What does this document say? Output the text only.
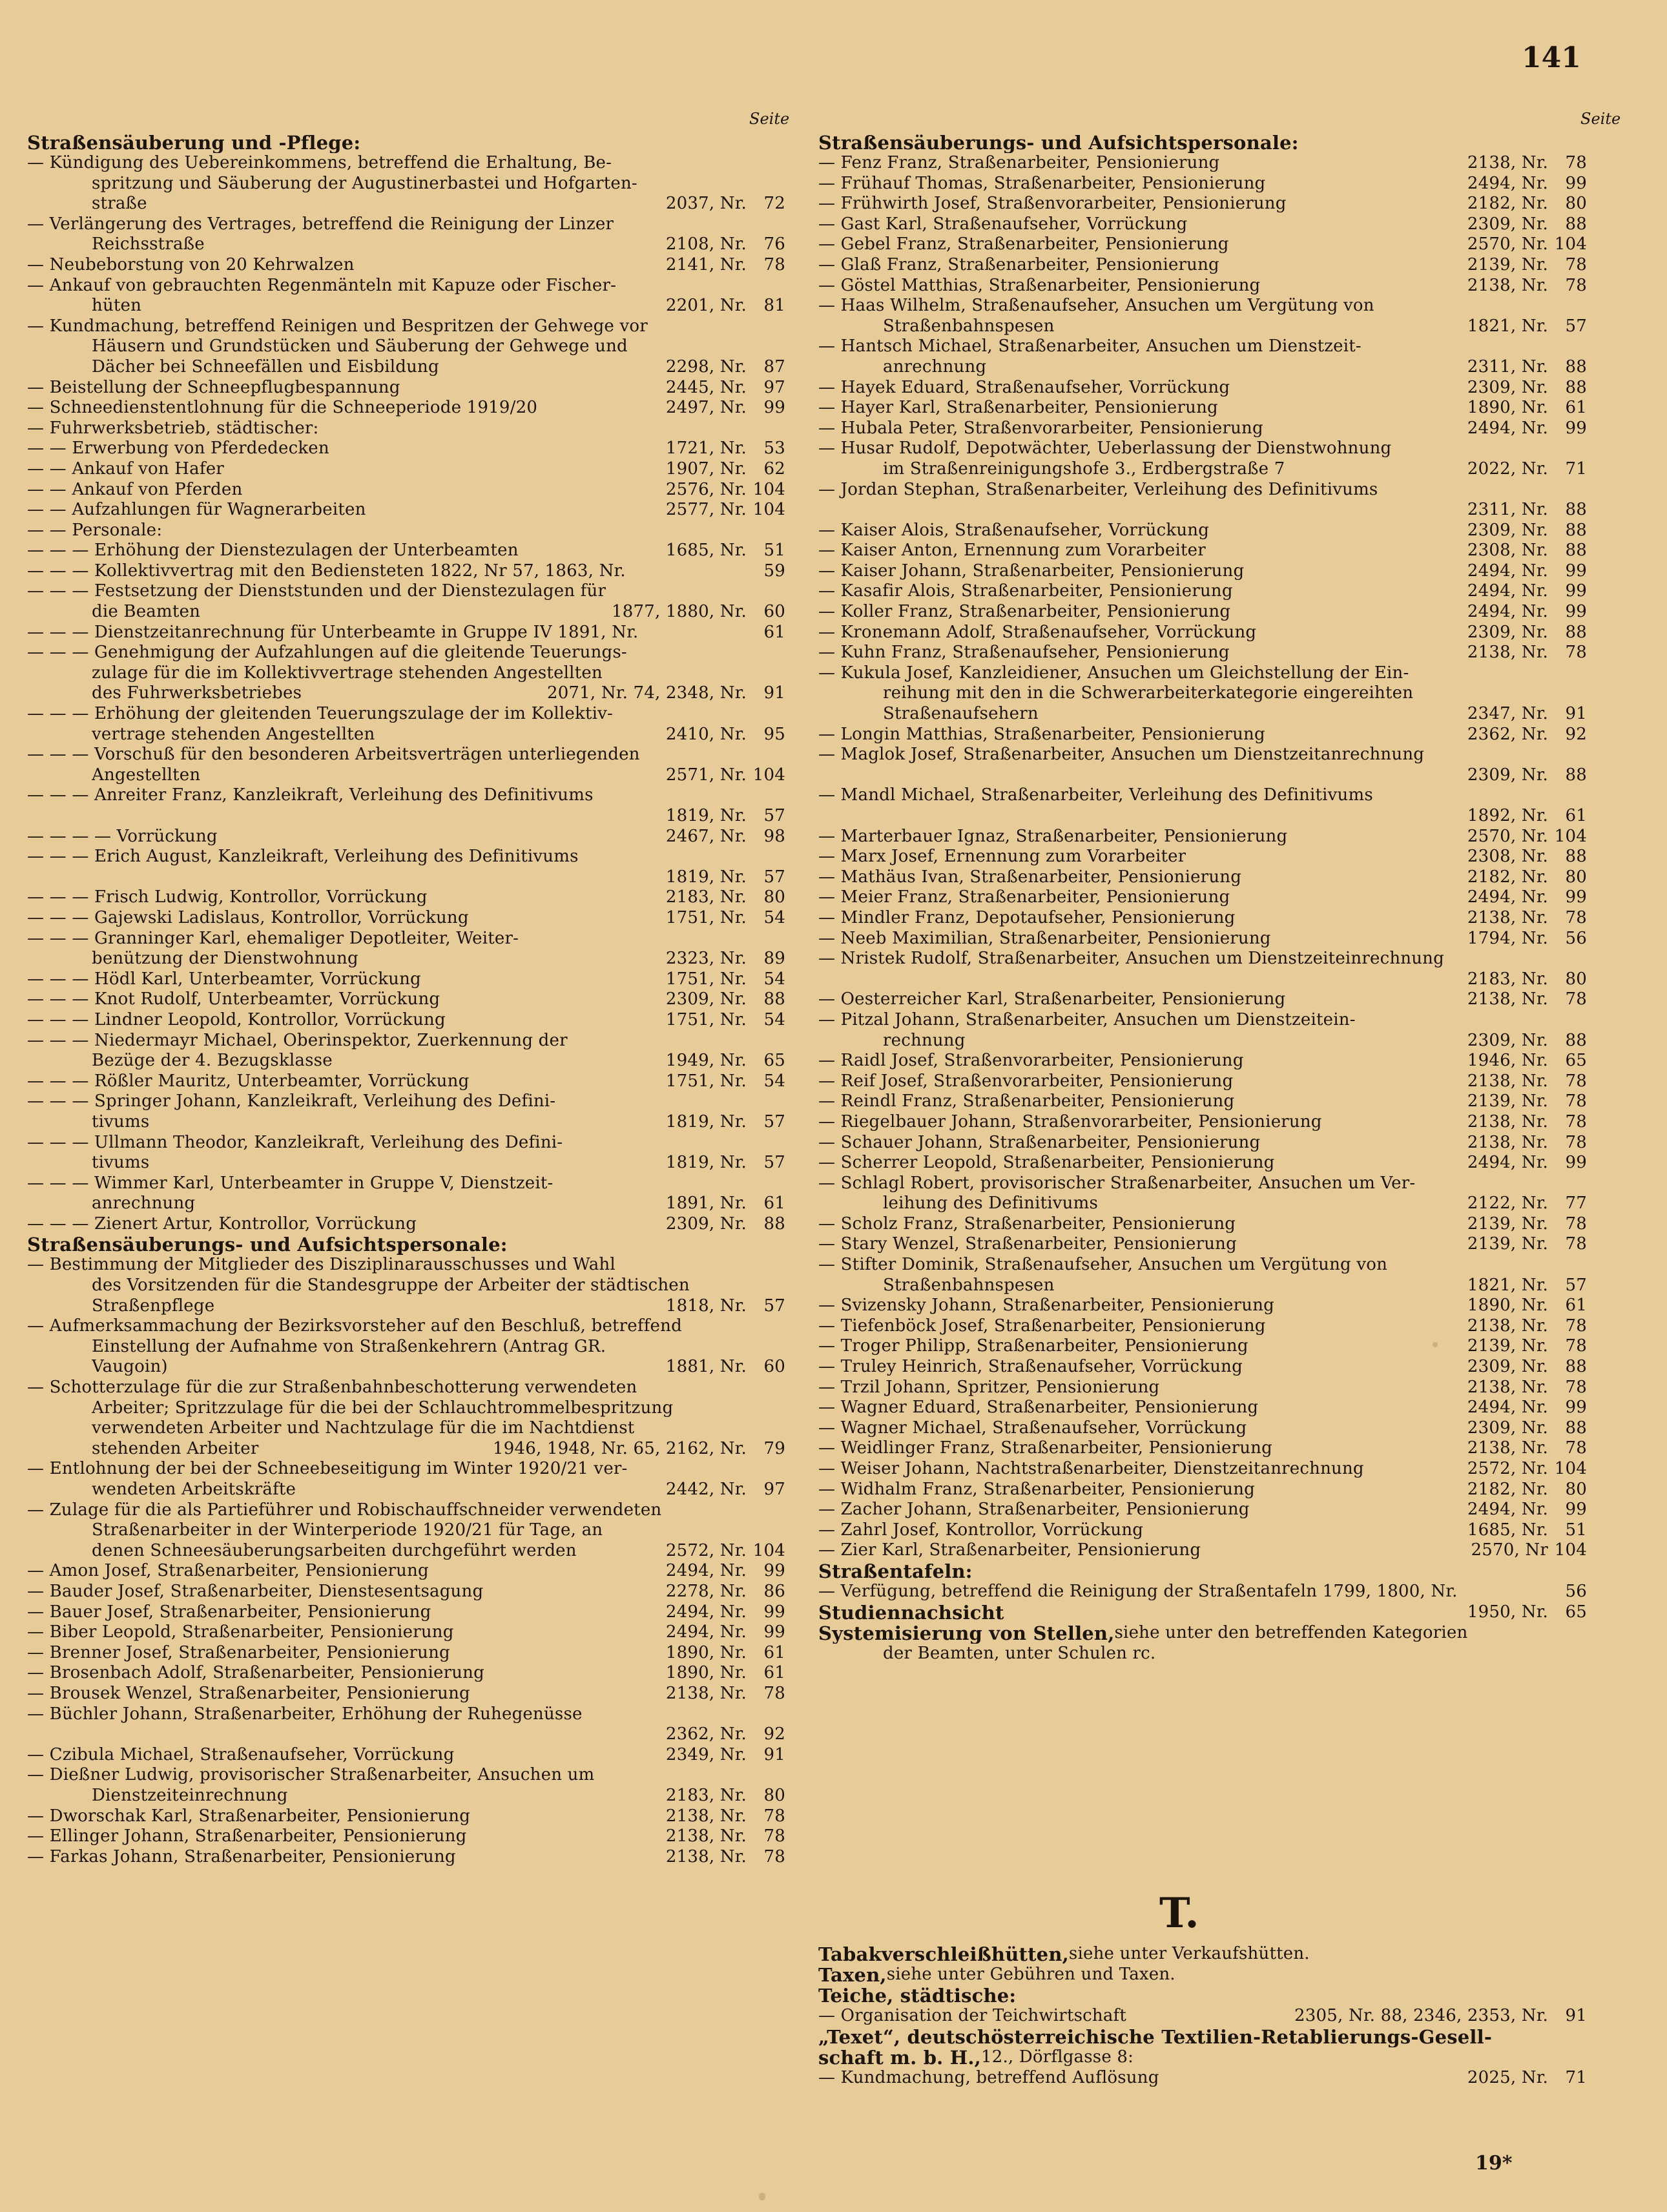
141
Seite	Seite
Straßensäuberung und -Pflege:
— Kündigung des Uebereinkommens, betreffend die Erhaltung, Be-
spritzung und Säuberung der Augustinerbastei und Hofgarten-
straße	2037, Nr.	72
— Verlängerung des Vertrages, betreffend die Reinigung der Linzer
Reichsstraße	2108, Nr.	76
— Neubeborstung von 20 Kehrwalzen	2141, Nr.	78
— Ankauf von gebrauchten Regenmänteln mit Kapuze oder Fischer-
hüten	2201, Nr.	81
— Kundmachung, betreffend Reinigen und Bespritzen der Gehwege vor
Häusern und Grundstücken und Säuberung der Gehwege und
Dächer bei Schneefällen und Eisbildung	2298, Nr.	87
— Beistellung der Schneepflugbespannung	2445, Nr.	97
— Schneedienstentlohnung für die Schneeperiode 1919/20	2497, Nr.	99
— Fuhrwerksbetrieb, städtischer:
— — Erwerbung von Pferdedecken	1721, Nr.	53
— — Ankauf von Hafer	1907, Nr.	62
— — Ankauf von Pferden	2576, Nr. 104
— — Aufzahlungen für Wagnerarbeiten	2577, Nr. 104
— — Personale:
— — — Erhöhung der Dienstezulagen der Unterbeamten	1685, Nr.	51
— — — Kollektivvertrag mit den Bediensteten 1822, Nr 57, 1863, Nr.	59
— — — Festsetzung der Dienststunden und der Dienstezulagen für
die Beamten	1877, 1880, Nr.	60
— — — Dienstzeitanrechnung für Unterbeamte in Gruppe IV 1891, Nr.	61
— — — Genehmigung der Aufzahlungen auf die gleitende Teuerungs-
zulage für die im Kollektivvertrage stehenden Angestellten
des Fuhrwerksbetriebes	2071, Nr. 74, 2348, Nr.	91
— — — Erhöhung der gleitenden Teuerungszulage der im Kollektiv-
vertrage stehenden Angestellten	2410, Nr.	95
— — — Vorschuß für den besonderen Arbeitsverträgen unterliegenden
Angestellten	2571, Nr. 104
— — — Anreiter Franz, Kanzleikraft, Verleihung des Definitivums
1819, Nr.	57
— — — — Vorrückung	2467, Nr.	98
— — — Erich August, Kanzleikraft, Verleihung des Definitivums
1819, Nr.	57
— — — Frisch Ludwig, Kontrollor, Vorrückung	2183, Nr.	80
— — — Gajewski Ladislaus, Kontrollor, Vorrückung	1751, Nr.	54
— — — Granninger Karl, ehemaliger Depotleiter, Weiter-
benützung der Dienstwohnung	2323, Nr.	89
— — — Hödl Karl, Unterbeamter, Vorrückung	1751, Nr.	54
— — — Knot Rudolf, Unterbeamter, Vorrückung	2309, Nr.	88
— — — Lindner Leopold, Kontrollor, Vorrückung	1751, Nr.	54
— — — Niedermayr Michael, Oberinspektor, Zuerkennung der
Bezüge der 4. Bezugsklasse	1949, Nr.	65
— — — Rößler Mauritz, Unterbeamter, Vorrückung	1751, Nr.	54
— — — Springer Johann, Kanzleikraft, Verleihung des Defini-
tivums	1819, Nr.	57
— — — Ullmann Theodor, Kanzleikraft, Verleihung des Defini-
tivums	1819, Nr.	57
— — — Wimmer Karl, Unterbeamter in Gruppe V, Dienstzeit-
anrechnung	1891, Nr.	61
— — — Zienert Artur, Kontrollor, Vorrückung	2309, Nr.	88
Straßensäuberungs- und Aufsichtspersonale:
— Bestimmung der Mitglieder des Disziplinarausschusses und Wahl
des Vorsitzenden für die Standesgruppe der Arbeiter der städtischen
Straßenpflege	1818, Nr.	57
— Aufmerksammachung der Bezirksvorsteher auf den Beschluß, betreffend
Einstellung der Aufnahme von Straßenkehrern (Antrag GR.
Vaugoin)	1881, Nr.	60
— Schotterzulage für die zur Straßenbahnbeschotterung verwendeten
Arbeiter; Spritzzulage für die bei der Schlauchtrommelbespritzung
verwendeten Arbeiter und Nachtzulage für die im Nachtdienst
stehenden Arbeiter	1946, 1948, Nr. 65, 2162, Nr.	79
— Entlohnung der bei der Schneebeseitigung im Winter 1920/21 ver-
wendeten Arbeitskräfte	2442, Nr.	97
— Zulage für die als Partieführer und Robischauffschneider verwendeten
Straßenarbeiter in der Winterperiode 1920/21 für Tage, an
denen Schneesäuberungsarbeiten durchgeführt werden	2572, Nr. 104
— Amon Josef, Straßenarbeiter, Pensionierung	2494, Nr.	99
— Bauder Josef, Straßenarbeiter, Dienstesentsagung	2278, Nr.	86
— Bauer Josef, Straßenarbeiter, Pensionierung	2494, Nr.	99
— Biber Leopold, Straßenarbeiter, Pensionierung	2494, Nr.	99
— Brenner Josef, Straßenarbeiter, Pensionierung	1890, Nr.	61
— Brosenbach Adolf, Straßenarbeiter, Pensionierung	1890, Nr.	61
— Brousek Wenzel, Straßenarbeiter, Pensionierung	2138, Nr.	78
— Büchler Johann, Straßenarbeiter, Erhöhung der Ruhegenüsse
2362, Nr.	92
— Czibula Michael, Straßenaufseher, Vorrückung	2349, Nr.	91
— Dießner Ludwig, provisorischer Straßenarbeiter, Ansuchen um
Dienstzeiteinrechnung	2183, Nr.	80
— Dworschak Karl, Straßenarbeiter, Pensionierung	2138, Nr.	78
— Ellinger Johann, Straßenarbeiter, Pensionierung	2138, Nr.	78
— Farkas Johann, Straßenarbeiter, Pensionierung	2138, Nr.	78
Straßensäuberungs- und Aufsichtspersonale:
— Fenz Franz, Straßenarbeiter, Pensionierung	2138, Nr.	78
— Frühauf Thomas, Straßenarbeiter, Pensionierung	2494, Nr.	99
— Frühwirth Josef, Straßenvorarbeiter, Pensionierung	2182, Nr.	80
— Gast Karl, Straßenaufseher, Vorrückung	2309, Nr.	88
— Gebel Franz, Straßenarbeiter, Pensionierung	2570, Nr. 104
— Glaß Franz, Straßenarbeiter, Pensionierung	2139, Nr.	78
— Göstel Matthias, Straßenarbeiter, Pensionierung	2138, Nr.	78
— Haas Wilhelm, Straßenaufseher, Ansuchen um Vergütung von
Straßenbahnspesen	1821, Nr.	57
— Hantsch Michael, Straßenarbeiter, Ansuchen um Dienstzeit-
anrechnung	2311, Nr.	88
— Hayek Eduard, Straßenaufseher, Vorrückung	2309, Nr.	88
— Hayer Karl, Straßenarbeiter, Pensionierung	1890, Nr.	61
— Hubala Peter, Straßenvorarbeiter, Pensionierung	2494, Nr.	99
— Husar Rudolf, Depotwächter, Ueberlassung der Dienstwohnung
im Straßenreinigungshofe 3., Erdbergstraße 7	2022, Nr.	71
— Jordan Stephan, Straßenarbeiter, Verleihung des Definitivums
2311, Nr.	88
— Kaiser Alois, Straßenaufseher, Vorrückung	2309, Nr.	88
— Kaiser Anton, Ernennung zum Vorarbeiter	2308, Nr.	88
— Kaiser Johann, Straßenarbeiter, Pensionierung	2494, Nr.	99
— Kasafir Alois, Straßenarbeiter, Pensionierung	2494, Nr.	99
— Koller Franz, Straßenarbeiter, Pensionierung	2494, Nr.	99
— Kronemann Adolf, Straßenaufseher, Vorrückung	2309, Nr.	88
— Kuhn Franz, Straßenaufseher, Pensionierung	2138, Nr.	78
— Kukula Josef, Kanzleidiener, Ansuchen um Gleichstellung der Ein-
reihung mit den in die Schwerarbeiterkategorie eingereihten
Straßenaufsehern	2347, Nr.	91
— Longin Matthias, Straßenarbeiter, Pensionierung	2362, Nr.	92
— Maglok Josef, Straßenarbeiter, Ansuchen um Dienstzeitanrechnung
2309, Nr.	88
— Mandl Michael, Straßenarbeiter, Verleihung des Definitivums
1892, Nr.	61
— Marterbauer Ignaz, Straßenarbeiter, Pensionierung	2570, Nr. 104
— Marx Josef, Ernennung zum Vorarbeiter	2308, Nr.	88
— Mathäus Ivan, Straßenarbeiter, Pensionierung	2182, Nr.	80
— Meier Franz, Straßenarbeiter, Pensionierung	2494, Nr.	99
— Mindler Franz, Depotaufseher, Pensionierung	2138, Nr.	78
— Neeb Maximilian, Straßenarbeiter, Pensionierung	1794, Nr.	56
— Nristek Rudolf, Straßenarbeiter, Ansuchen um Dienstzeiteinrechnung
2183, Nr.	80
— Oesterreicher Karl, Straßenarbeiter, Pensionierung	2138, Nr.	78
— Pitzal Johann, Straßenarbeiter, Ansuchen um Dienstzeitein-
rechnung	2309, Nr.	88
— Raidl Josef, Straßenvorarbeiter, Pensionierung	1946, Nr.	65
— Reif Josef, Straßenvorarbeiter, Pensionierung	2138, Nr.	78
— Reindl Franz, Straßenarbeiter, Pensionierung	2139, Nr.	78
— Riegelbauer Johann, Straßenvorarbeiter, Pensionierung	2138, Nr.	78
— Schauer Johann, Straßenarbeiter, Pensionierung	2138, Nr.	78
— Scherrer Leopold, Straßenarbeiter, Pensionierung	2494, Nr.	99
— Schlagl Robert, provisorischer Straßenarbeiter, Ansuchen um Ver-
leihung des Definitivums	2122, Nr.	77
— Scholz Franz, Straßenarbeiter, Pensionierung	2139, Nr.	78
— Stary Wenzel, Straßenarbeiter, Pensionierung	2139, Nr.	78
— Stifter Dominik, Straßenaufseher, Ansuchen um Vergütung von
Straßenbahnspesen	1821, Nr.	57
— Svizensky Johann, Straßenarbeiter, Pensionierung	1890, Nr.	61
— Tiefenböck Josef, Straßenarbeiter, Pensionierung	2138, Nr.	78
— Troger Philipp, Straßenarbeiter, Pensionierung	2139, Nr.	78
— Truley Heinrich, Straßenaufseher, Vorrückung	2309, Nr.	88
— Trzil Johann, Spritzer, Pensionierung	2138, Nr.	78
— Wagner Eduard, Straßenarbeiter, Pensionierung	2494, Nr.	99
— Wagner Michael, Straßenaufseher, Vorrückung	2309, Nr.	88
— Weidlinger Franz, Straßenarbeiter, Pensionierung	2138, Nr.	78
— Weiser Johann, Nachtstraßenarbeiter, Dienstzeitanrechnung	2572, Nr. 104
— Widhalm Franz, Straßenarbeiter, Pensionierung	2182, Nr.	80
— Zacher Johann, Straßenarbeiter, Pensionierung	2494, Nr.	99
— Zahrl Josef, Kontrollor, Vorrückung	1685, Nr.	51
— Zier Karl, Straßenarbeiter, Pensionierung	2570, Nr 104
Straßentafeln:
— Verfügung, betreffend die Reinigung der Straßentafeln 1799, 1800, Nr.	56
Studiennachsicht	1950, Nr.	65
Systemisierung von Stellen, siehe unter den betreffenden Kategorien
der Beamten, unter Schulen rc.
T.
Tabakverschleißhütten, siehe unter Verkaufshütten.
Taxen, siehe unter Gebühren und Taxen.
Teiche, städtische:
— Organisation der Teichwirtschaft	2305, Nr. 88, 2346, 2353, Nr.	91
„Texet“, deutschösterreichische Textilien-Retablierungs-Gesell-
schaft m. b. H., 12., Dörflgasse 8:
— Kundmachung, betreffend Auflösung	2025, Nr.	71
19*
